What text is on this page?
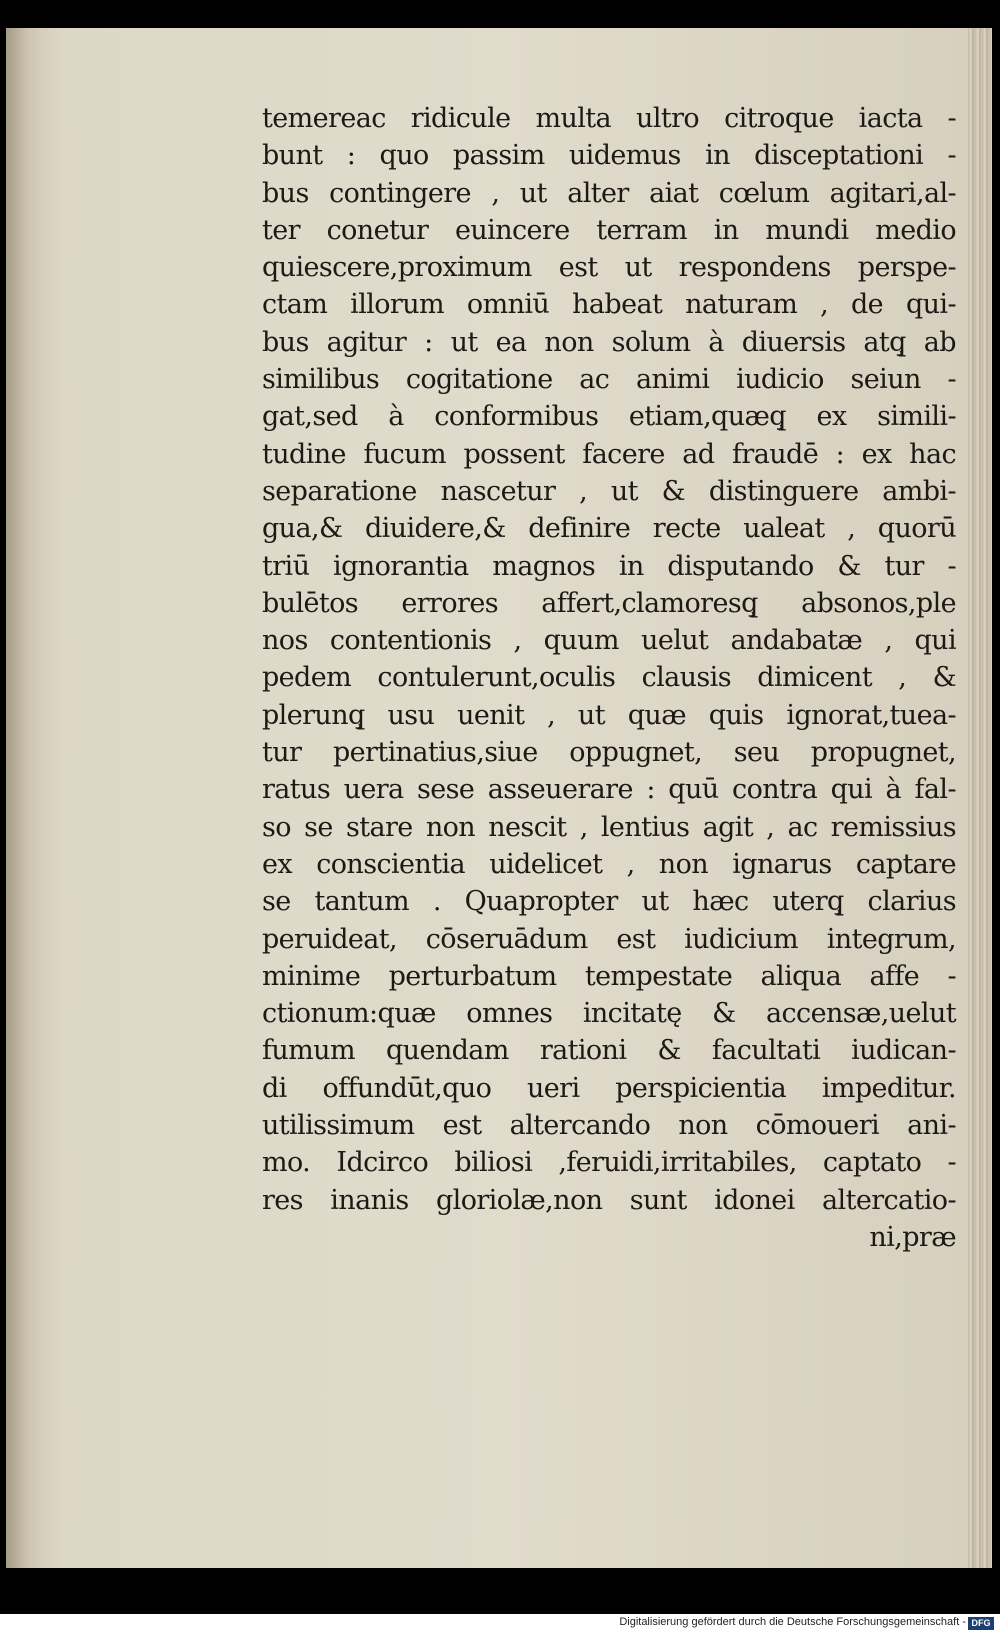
temereac ridicule multa ultro citroque iacta ‑
bunt : quo passim uidemus in disceptationi ‑
bus contingere , ut alter aiat cœlum agitari,al‑
ter conetur euincere terram in mundi medio
quiescere,proximum est ut respondens perspe‑
ctam illorum omniū habeat naturam , de qui‑
bus agitur : ut ea non solum à diuersis atq̧ ab
similibus cogitatione ac animi iudicio seiun ‑
gat,sed à conformibus etiam,quæq̧ ex simili‑
tudine fucum possent facere ad fraudē : ex hac
separatione nascetur , ut & distinguere ambi‑
gua,& diuidere,& definire recte ualeat , quorū
triū ignorantia magnos in disputando & tur ‑
bulētos errores affert,clamoresq̧ absonos,ple
nos contentionis , quum uelut andabatæ , qui
pedem contulerunt,oculis clausis dimicent , &
plerunq̧ usu uenit , ut quæ quis ignorat,tuea‑
tur pertinatius,siue oppugnet, seu propugnet,
ratus uera sese asseuerare : quū contra qui à fal‑
so se stare non nescit , lentius agit , ac remissius
ex conscientia uidelicet , non ignarus captare
se tantum . Quapropter ut hæc uterq̧ clarius
peruideat, cōseruādum est iudicium integrum,
minime perturbatum tempestate aliqua affe ‑
ctionum:quæ omnes incitatę & accensæ,uelut
fumum quendam rationi & facultati iudican‑
di offundūt,quo ueri perspicientia impeditur.
utilissimum est altercando non cōmoueri ani‑
mo. Idcirco biliosi ,feruidi,irritabiles, captato ‑
res inanis gloriolæ,non sunt idonei altercatio‑
ni,præ
Digitalisierung gefördert durch die Deutsche Forschungsgemeinschaft - DFG
